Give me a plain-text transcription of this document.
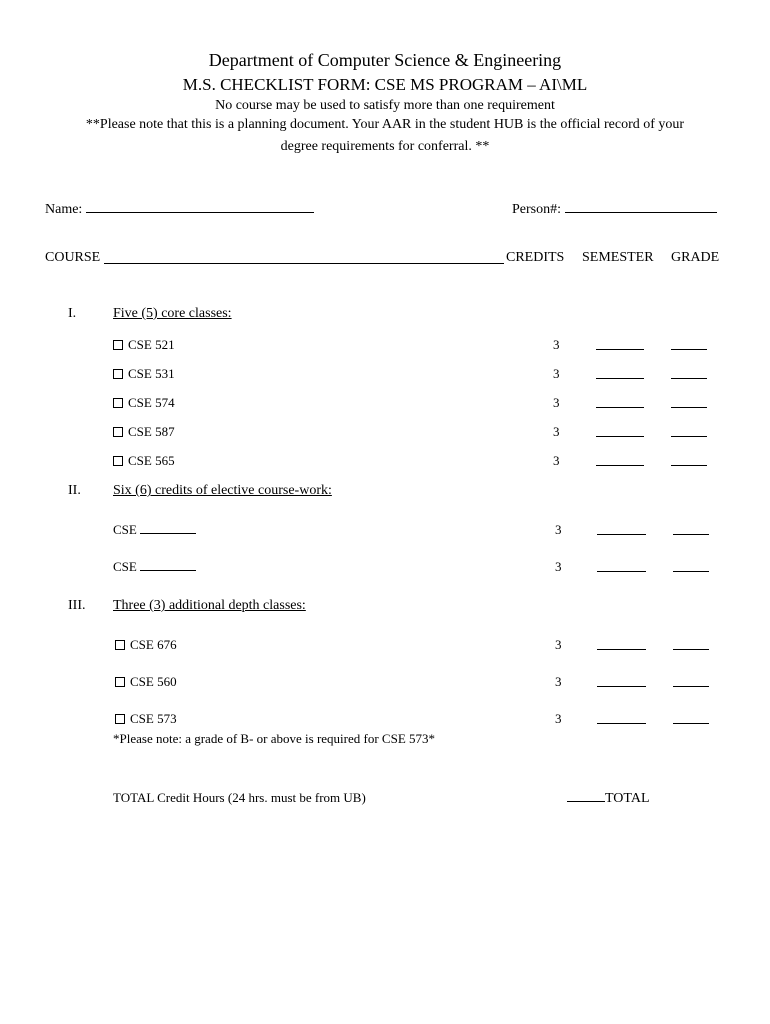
Department of Computer Science & Engineering
M.S. CHECKLIST FORM: CSE MS PROGRAM – AI\ML
No course may be used to satisfy more than one requirement
**Please note that this is a planning document. Your AAR in the student HUB is the official record of your
degree requirements for conferral. **
Name:	Person#:
COURSE	CREDITS SEMESTER GRADE
I.	Five (5) core classes:
CSE 521	3
CSE 531	3
CSE 574	3
CSE 587	3
CSE 565	3
II. Six (6) credits of elective course-work:
CSE	3
CSE	3
III. Three (3) additional depth classes:
CSE 676	3
CSE 560	3
CSE 573	3
*Please note: a grade of B- or above is required for CSE 573*
TOTAL Credit Hours (24 hrs. must be from UB)	TOTAL
